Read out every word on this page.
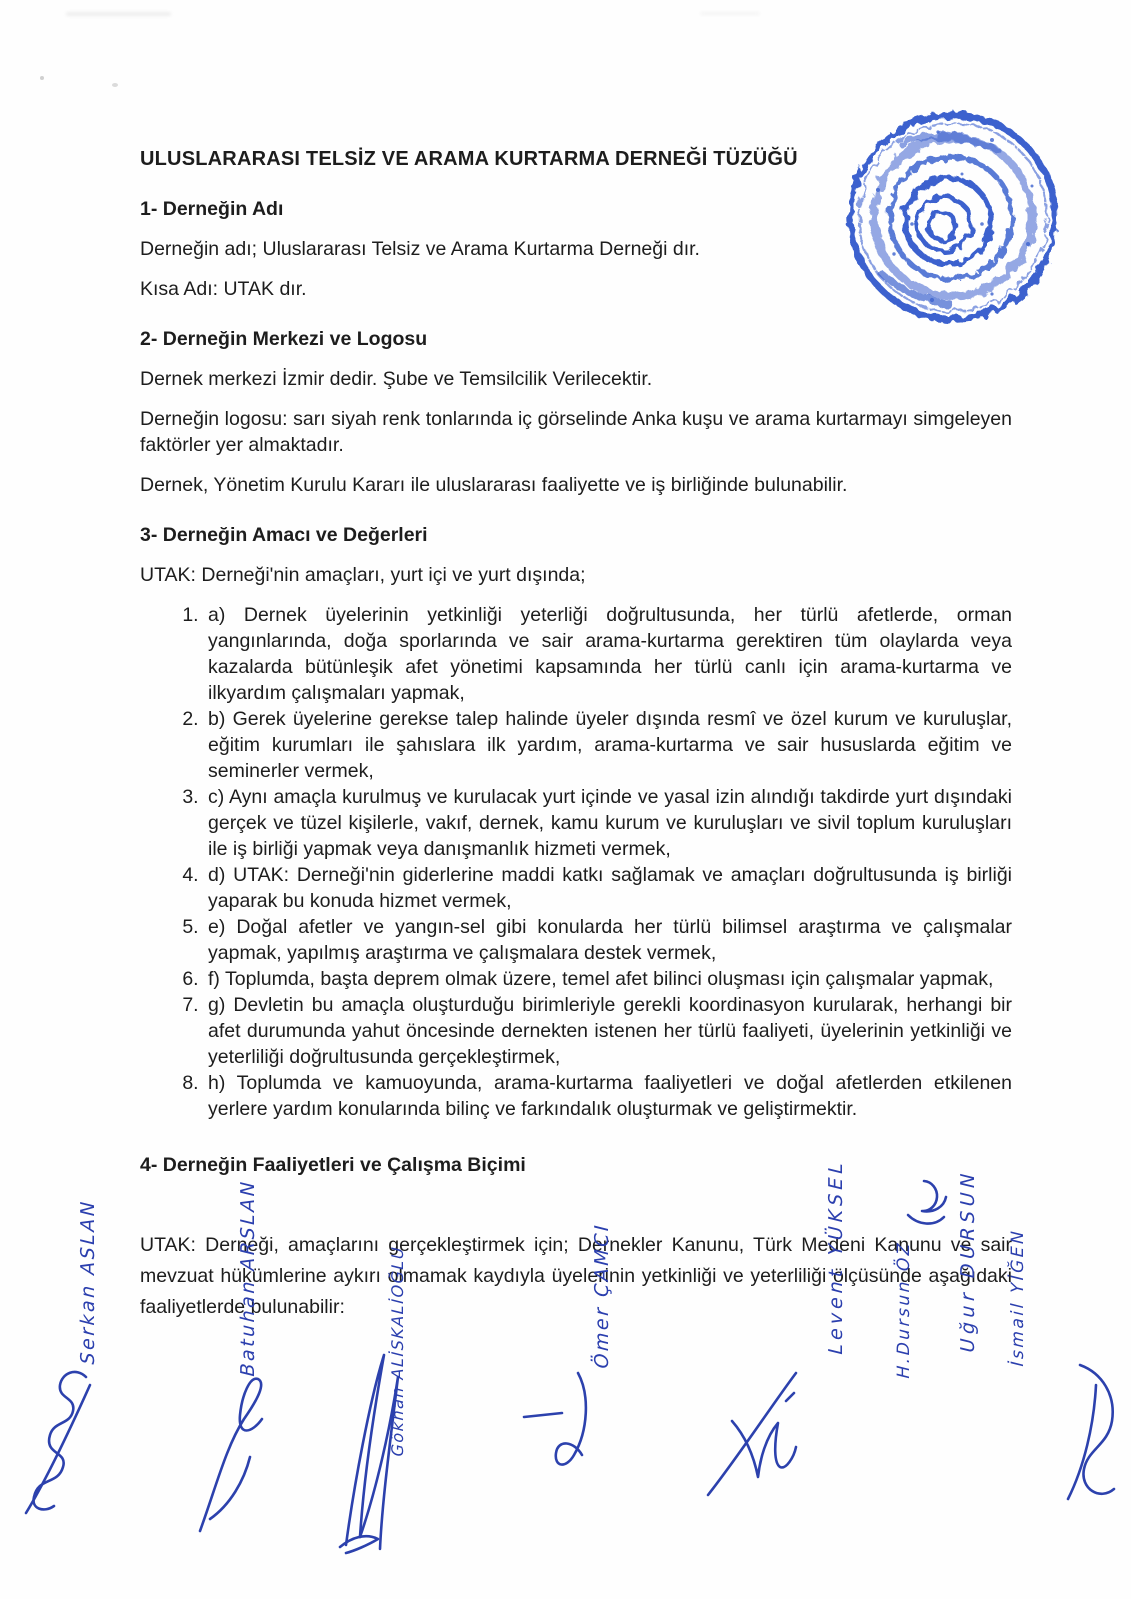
ULUSLARARASI TELSİZ VE ARAMA KURTARMA DERNEĞİ TÜZÜĞÜ
1- Derneğin Adı

Derneğin adı; Uluslararası Telsiz ve Arama Kurtarma Derneği dır.

Kısa Adı: UTAK dır.

2- Derneğin Merkezi ve Logosu

Dernek merkezi İzmir dedir. Şube ve Temsilcilik Verilecektir.

Derneğin logosu: sarı siyah renk tonlarında iç görselinde Anka kuşu ve arama kurtarmayı simgeleyen faktörler yer almaktadır.

Dernek, Yönetim Kurulu Kararı ile uluslararası faaliyette ve iş birliğinde bulunabilir.

3- Derneğin Amacı ve Değerleri

UTAK: Derneği'nin amaçları, yurt içi ve yurt dışında;

1. a) Dernek üyelerinin yetkinliği yeterliği doğrultusunda, her türlü afetlerde, orman yangınlarında, doğa sporlarında ve sair arama-kurtarma gerektiren tüm olaylarda veya kazalarda bütünleşik afet yönetimi kapsamında her türlü canlı için arama-kurtarma ve ilkyardım çalışmaları yapmak,
2. b) Gerek üyelerine gerekse talep halinde üyeler dışında resmî ve özel kurum ve kuruluşlar, eğitim kurumları ile şahıslara ilk yardım, arama-kurtarma ve sair hususlarda eğitim ve seminerler vermek,
3. c) Aynı amaçla kurulmuş ve kurulacak yurt içinde ve yasal izin alındığı takdirde yurt dışındaki gerçek ve tüzel kişilerle, vakıf, dernek, kamu kurum ve kuruluşları ve sivil toplum kuruluşları ile iş birliği yapmak veya danışmanlık hizmeti vermek,
4. d) UTAK: Derneği'nin giderlerine maddi katkı sağlamak ve amaçları doğrultusunda iş birliği yaparak bu konuda hizmet vermek,
5. e) Doğal afetler ve yangın-sel gibi konularda her türlü bilimsel araştırma ve çalışmalar yapmak, yapılmış araştırma ve çalışmalara destek vermek,
6. f) Toplumda, başta deprem olmak üzere, temel afet bilinci oluşması için çalışmalar yapmak,
7. g) Devletin bu amaçla oluşturduğu birimleriyle gerekli koordinasyon kurularak, herhangi bir afet durumunda yahut öncesinde dernekten istenen her türlü faaliyeti, üyelerinin yetkinliği ve yeterliliği doğrultusunda gerçekleştirmek,
8. h) Toplumda ve kamuoyunda, arama-kurtarma faaliyetleri ve doğal afetlerden etkilenen yerlere yardım konularında bilinç ve farkındalık oluşturmak ve geliştirmektir.
4- Derneğin Faaliyetleri ve Çalışma Biçimi

UTAK: Derneği, amaçlarını gerçekleştirmek için; Dernekler Kanunu, Türk Medeni Kanunu ve sair mevzuat hükümlerine aykırı olmamak kaydıyla üyelerinin yetkinliği ve yeterliliği ölçüsünde aşağıdaki faaliyetlerde bulunabilir:

Serkan ASLAN	Batuhan ARSLAN	Gökhan ALİSKALİOĞLU	Ömer ÇAMCI	Levent YÜKSEL	H.Dursun ÖZ Uğur DURSUN İsmail YİĞEN
